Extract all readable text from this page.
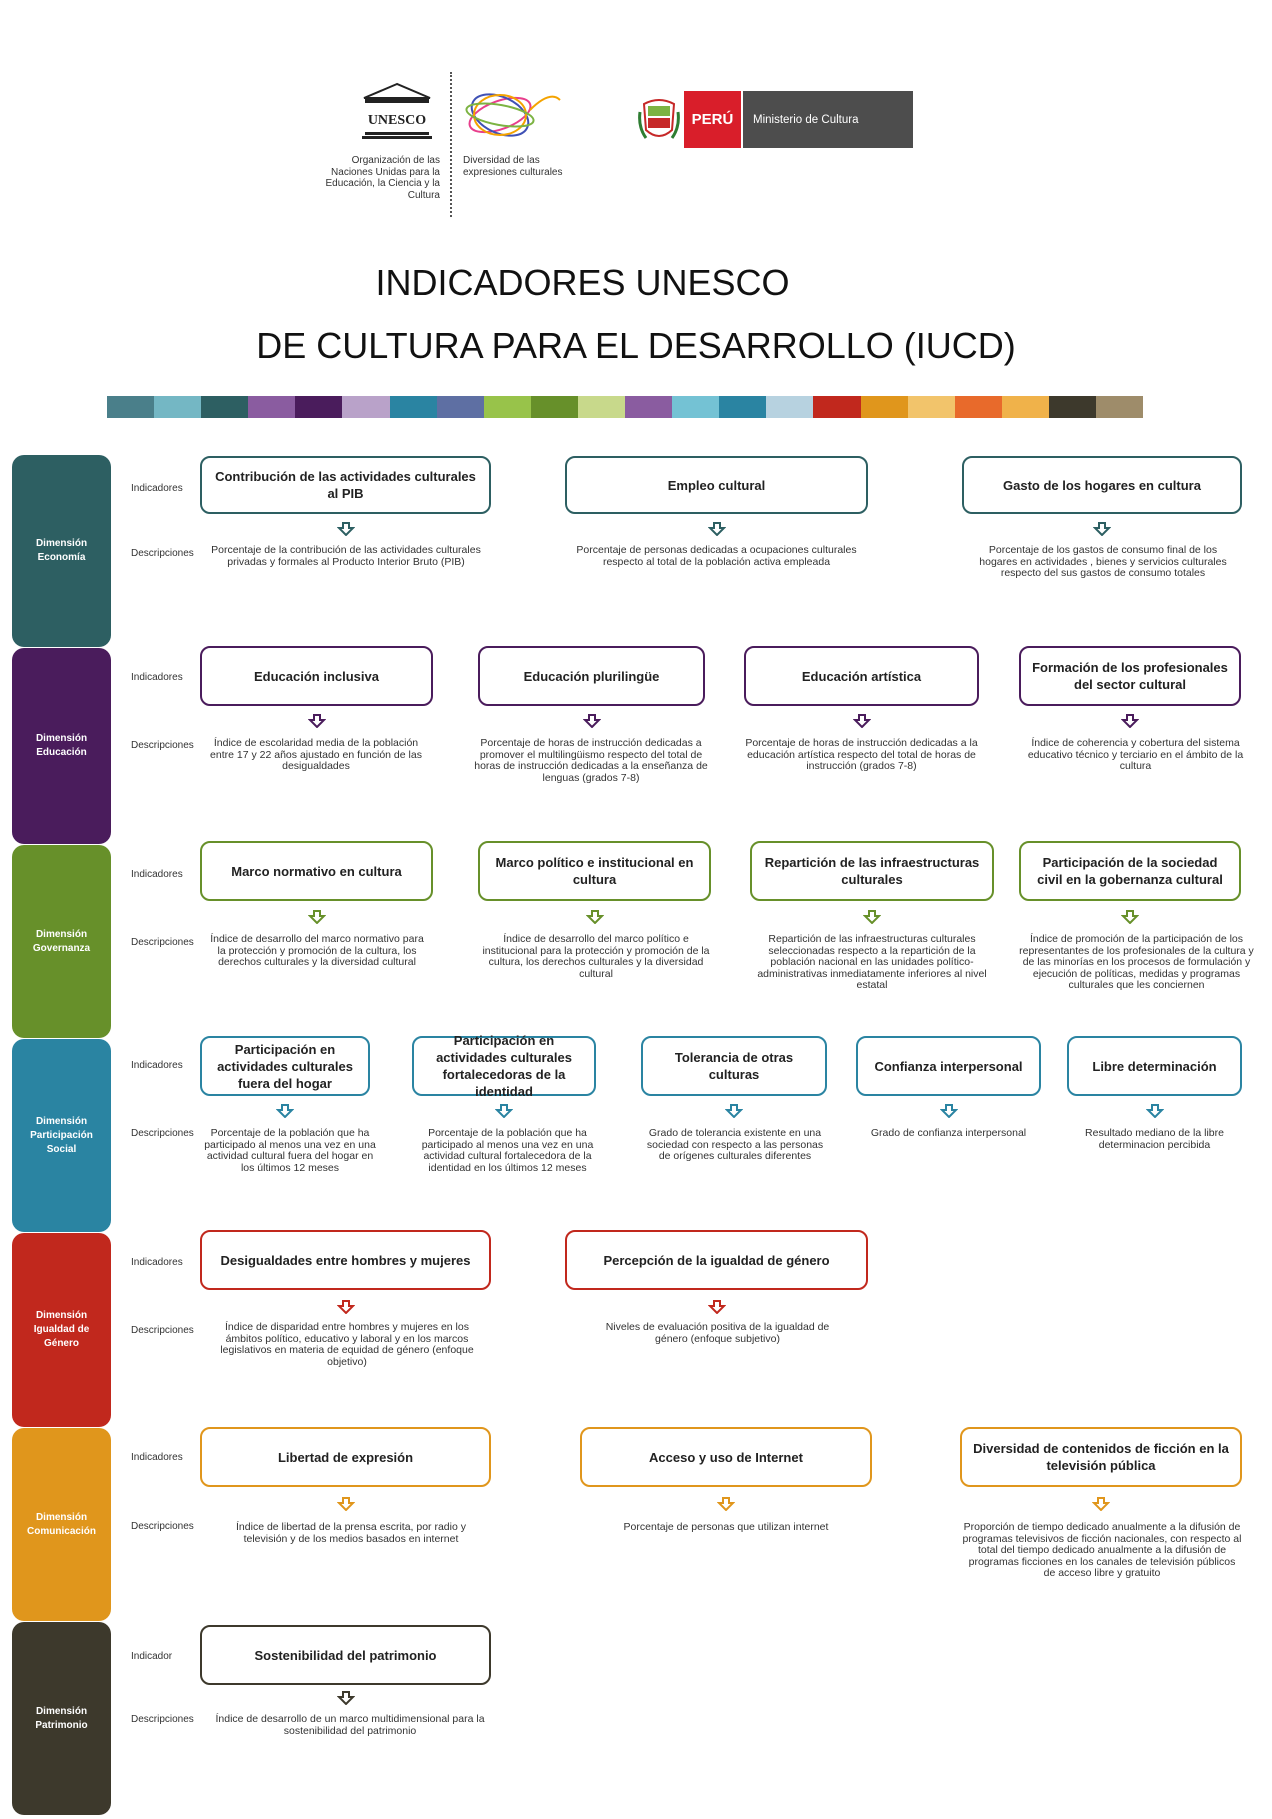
UNESCO
Organización de las Naciones Unidas para la Educación, la Ciencia y la Cultura
Diversidad de las expresiones culturales
PERÚ	Ministerio de Cultura
INDICADORES UNESCO
DE CULTURA PARA EL DESARROLLO (IUCD)
Dimensión Economía
Dimensión Educación
Dimensión Governanza
Dimensión Participación Social
Dimensión Igualdad de Género
Dimensión Comunicación
Dimensión Patrimonio
Indicadores
Descripciones
Indicadores
Descripciones
Indicadores
Descripciones
Indicadores
Descripciones
Indicadores
Descripciones
Indicadores
Descripciones
Indicador
Descripciones
Contribución de las actividades culturales al PIB
Porcentaje de la contribución de las actividades culturales privadas y formales al Producto Interior Bruto (PIB)
Empleo cultural
Porcentaje de personas dedicadas a ocupaciones culturales respecto al total de la población activa empleada
Gasto de los hogares en cultura
Porcentaje de los gastos de consumo final de los hogares en actividades , bienes y servicios culturales respecto del sus gastos de consumo totales
Educación inclusiva
Índice de escolaridad media de la población entre 17 y 22 años ajustado en función de las desigualdades
Educación plurilingüe
Porcentaje de horas de instrucción dedicadas a promover el multilingüismo respecto del total de horas de instrucción dedicadas a la enseñanza de lenguas (grados 7-8)
Educación artística
Porcentaje de horas de instrucción dedicadas a la educación artística respecto del total de horas de instrucción (grados 7-8)
Formación de los profesionales del sector cultural
Índice de coherencia y cobertura del sistema educativo técnico y terciario en el ámbito de la cultura
Marco normativo en cultura
Índice de desarrollo del marco normativo para la protección y promoción de la cultura, los derechos culturales y la diversidad cultural
Marco político e institucional en cultura
Índice de desarrollo del marco político e institucional para la protección y promoción de la cultura, los derechos culturales y la diversidad cultural
Repartición de las infraestructuras culturales
Repartición de las infraestructuras culturales seleccionadas respecto a la repartición de la población nacional en las unidades político-administrativas inmediatamente inferiores al nivel estatal
Participación de la sociedad civil en la gobernanza cultural
Índice de promoción de la participación de los representantes de los profesionales de la cultura y de las minorías en los procesos de formulación y ejecución de políticas, medidas y programas culturales que les conciernen
Participación en actividades culturales fuera del hogar
Porcentaje de la población que ha participado al menos una vez en una actividad cultural fuera del hogar en los últimos 12 meses
Participación en actividades culturales fortalecedoras de la identidad
Porcentaje de la población que ha participado al menos una vez en una actividad cultural fortalecedora de la identidad en los últimos 12 meses
Tolerancia de otras culturas
Grado de tolerancia existente en una sociedad con respecto a las personas de orígenes culturales diferentes
Confianza interpersonal
Grado de confianza interpersonal
Libre determinación
Resultado mediano de la libre determinacion percibida
Desigualdades entre hombres y mujeres
Índice de disparidad entre hombres y mujeres en los ámbitos político, educativo y laboral y en los marcos legislativos en materia de equidad de género (enfoque objetivo)
Percepción de la igualdad de género
Niveles de evaluación positiva de la igualdad de género (enfoque subjetivo)
Libertad de expresión
Índice de libertad de la prensa escrita, por radio y televisión y de los medios basados en internet
Acceso y uso de Internet
Porcentaje de personas que utilizan internet
Diversidad de contenidos de ficción en la televisión pública
Proporción de tiempo dedicado anualmente a la difusión de programas televisivos de ficción nacionales, con respecto al total del tiempo dedicado anualmente a la difusión de programas ficciones en los canales de televisión públicos de acceso libre y gratuito
Sostenibilidad del patrimonio
Índice de desarrollo de un marco multidimensional para la sostenibilidad del patrimonio
